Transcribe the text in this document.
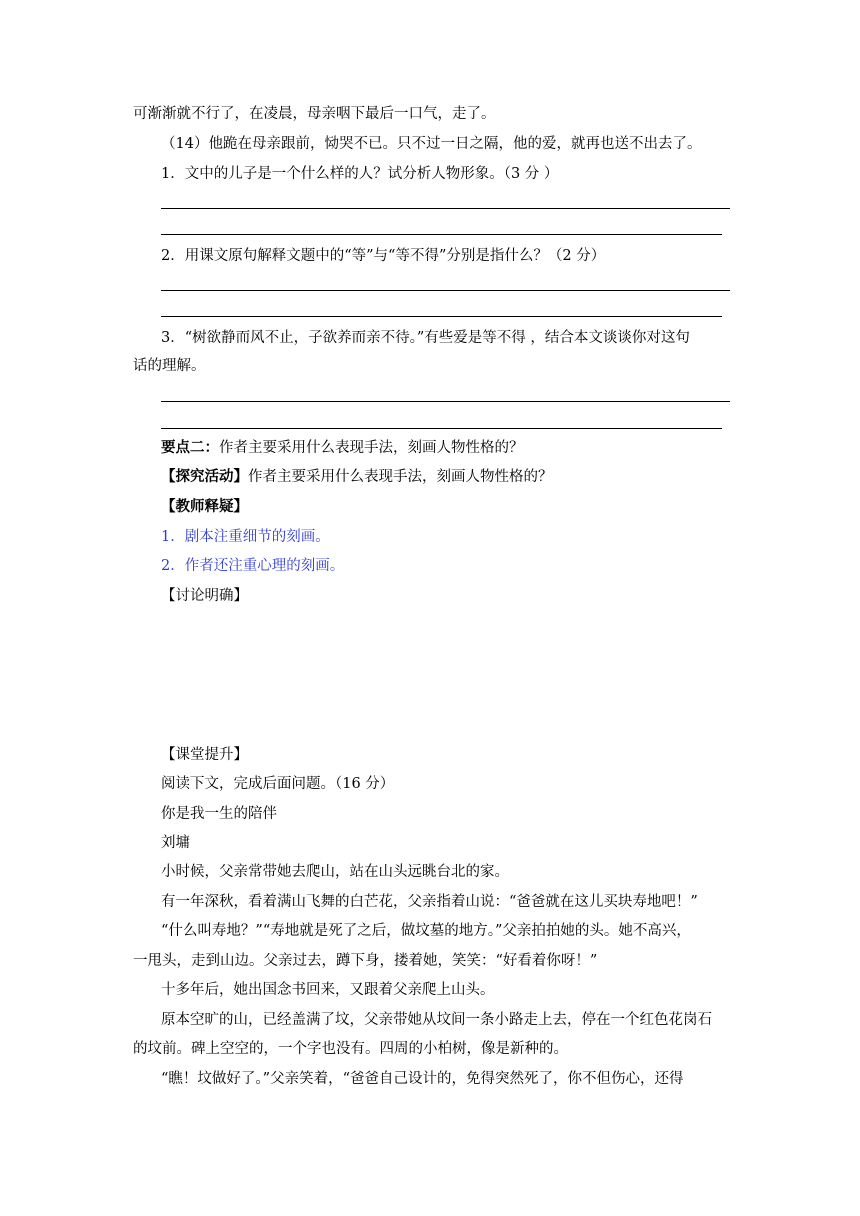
可渐渐就不行了，在凌晨，母亲咽下最后一口气，走了。
（14）他跪在母亲跟前，恸哭不已。只不过一日之隔，他的爱，就再也送不出去了。
1．文中的儿子是一个什么样的人？试分析人物形象。（3 分 ）
2．用课文原句解释文题中的“等”与“等不得”分别是指什么？（2 分）
3．“树欲静而风不止，子欲养而亲不待。”有些爱是等不得 ，结合本文谈谈你对这句
话的理解。
要点二：作者主要采用什么表现手法，刻画人物性格的？
【探究活动】作者主要采用什么表现手法，刻画人物性格的？
【教师释疑】
1．剧本注重细节的刻画。
2．作者还注重心理的刻画。
【讨论明确】
【课堂提升】
阅读下文，完成后面问题。（16 分）
你是我一生的陪伴
刘墉
小时候，父亲常带她去爬山，站在山头远眺台北的家。
有一年深秋，看着满山飞舞的白芒花，父亲指着山说：“爸爸就在这儿买块寿地吧！”
“什么叫寿地？”“寿地就是死了之后，做坟墓的地方。”父亲拍拍她的头。她不高兴，
一甩头，走到山边。父亲过去，蹲下身，搂着她，笑笑：“好看着你呀！”
十多年后，她出国念书回来，又跟着父亲爬上山头。
原本空旷的山，已经盖满了坟，父亲带她从坟间一条小路走上去，停在一个红色花岗石
的坟前。碑上空空的，一个字也没有。四周的小柏树，像是新种的。
“瞧！坟做好了。”父亲笑着，“爸爸自己设计的，免得突然死了，你不但伤心，还得
